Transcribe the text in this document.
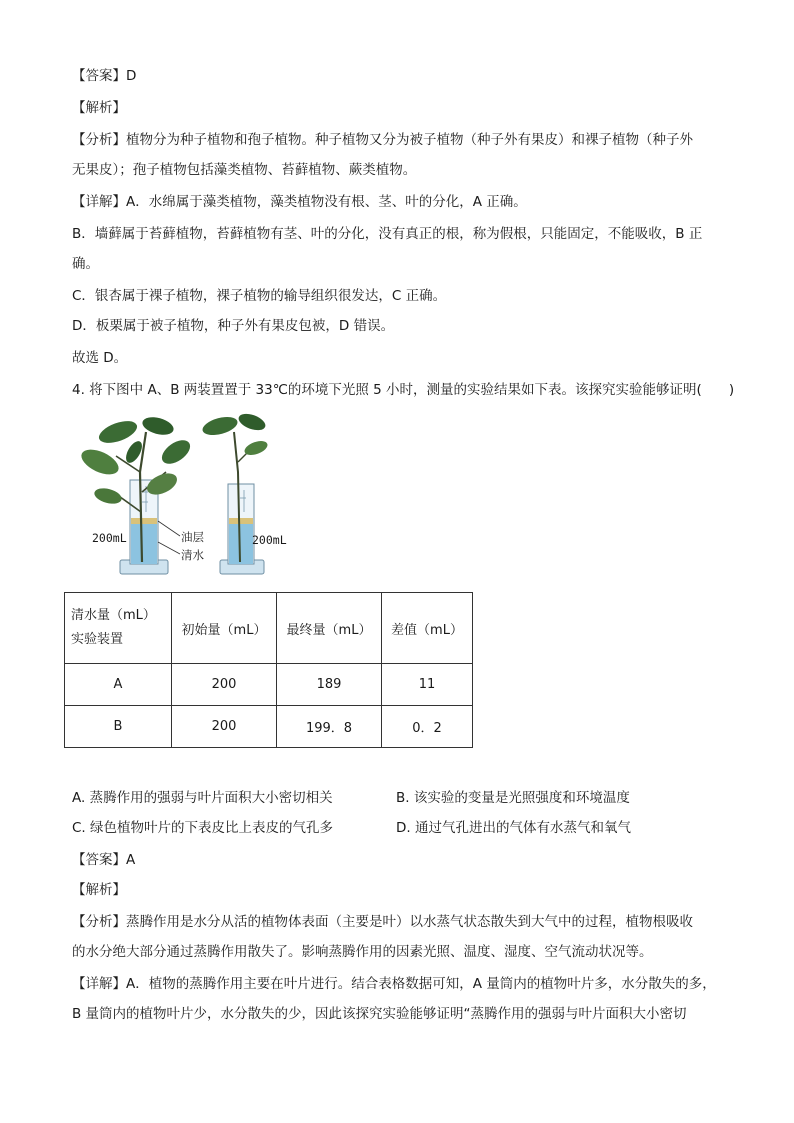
【答案】D
【解析】
【分析】植物分为种子植物和孢子植物。种子植物又分为被子植物（种子外有果皮）和裸子植物（种子外
无果皮）；孢子植物包括藻类植物、苔藓植物、蕨类植物。
【详解】A．水绵属于藻类植物，藻类植物没有根、茎、叶的分化，A 正确。
B．墙藓属于苔藓植物，苔藓植物有茎、叶的分化，没有真正的根，称为假根，只能固定，不能吸收，B 正
确。
C．银杏属于裸子植物，裸子植物的输导组织很发达，C 正确。
D．板栗属于被子植物，种子外有果皮包被，D 错误。
故选 D。
4. 将下图中 A、B 两装置置于 33℃的环境下光照 5 小时，测量的实验结果如下表。该探究实验能够证明(　　)
200mL	油层
清水
200mL
清水量（mL）
实验装置	初始量（mL）	最终量（mL）	差值（mL）
A	200	189	11
B	200	199．8	0．2
A. 蒸腾作用的强弱与叶片面积大小密切相关	B. 该实验的变量是光照强度和环境温度
C. 绿色植物叶片的下表皮比上表皮的气孔多	D. 通过气孔进出的气体有水蒸气和氧气
【答案】A
【解析】
【分析】蒸腾作用是水分从活的植物体表面（主要是叶）以水蒸气状态散失到大气中的过程，植物根吸收
的水分绝大部分通过蒸腾作用散失了。影响蒸腾作用的因素光照、温度、湿度、空气流动状况等。
【详解】A．植物的蒸腾作用主要在叶片进行。结合表格数据可知，A 量筒内的植物叶片多，水分散失的多，
B 量筒内的植物叶片少，水分散失的少，因此该探究实验能够证明“蒸腾作用的强弱与叶片面积大小密切
